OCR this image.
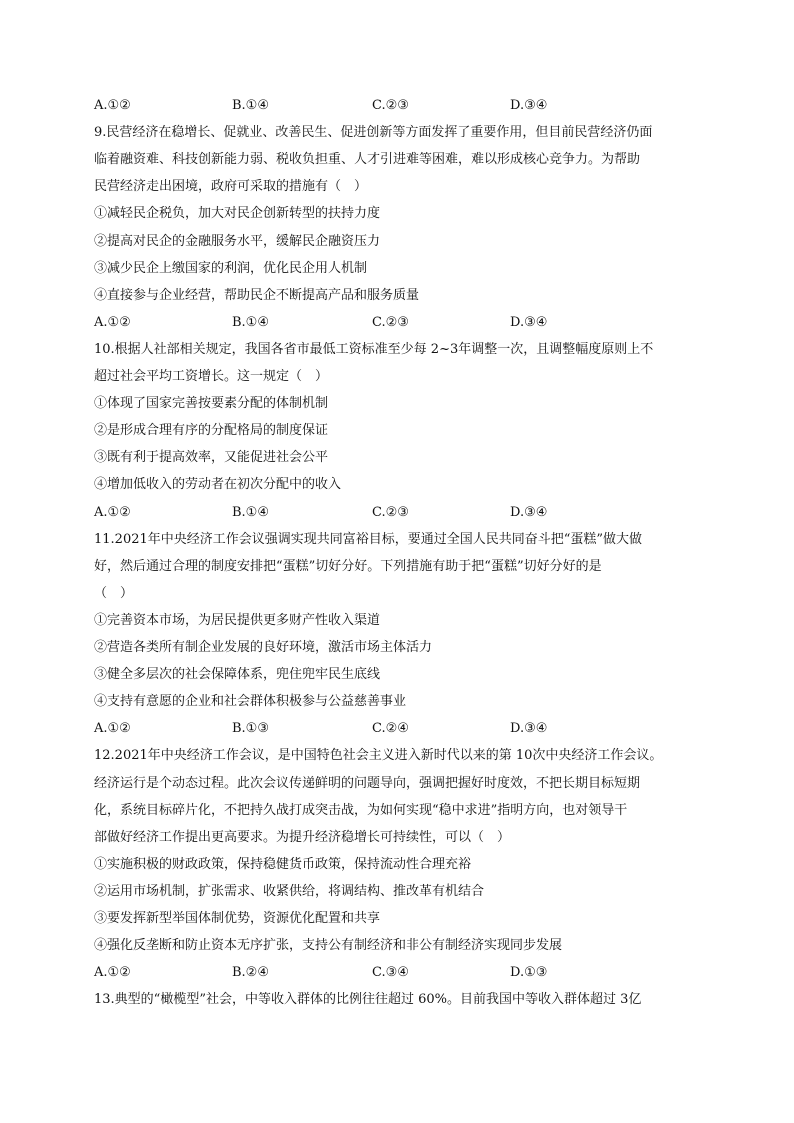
A.①②	B.①④	C.②③	D.③④
9.民营经济在稳增长、促就业、改善民生、促进创新等方面发挥了重要作用，但目前民营经济仍面
临着融资难、科技创新能力弱、税收负担重、人才引进难等困难，难以形成核心竞争力。为帮助
民营经济走出困境，政府可采取的措施有（　）
①减轻民企税负，加大对民企创新转型的扶持力度
②提高对民企的金融服务水平，缓解民企融资压力
③减少民企上缴国家的利润，优化民企用人机制
④直接参与企业经营，帮助民企不断提高产品和服务质量
A.①②	B.①④	C.②③	D.③④
10.根据人社部相关规定，我国各省市最低工资标准至少每 2~3年调整一次，且调整幅度原则上不
超过社会平均工资增长。这一规定（　）
①体现了国家完善按要素分配的体制机制
②是形成合理有序的分配格局的制度保证
③既有利于提高效率，又能促进社会公平
④增加低收入的劳动者在初次分配中的收入
A.①②	B.①④	C.②③	D.③④
11.2021年中央经济工作会议强调实现共同富裕目标，要通过全国人民共同奋斗把“蛋糕”做大做
好，然后通过合理的制度安排把“蛋糕”切好分好。下列措施有助于把“蛋糕”切好分好的是
（　）
①完善资本市场，为居民提供更多财产性收入渠道
②营造各类所有制企业发展的良好环境，激活市场主体活力
③健全多层次的社会保障体系，兜住兜牢民生底线
④支持有意愿的企业和社会群体积极参与公益慈善事业
A.①②	B.①③	C.②④	D.③④
12.2021年中央经济工作会议，是中国特色社会主义进入新时代以来的第 10次中央经济工作会议。
经济运行是个动态过程。此次会议传递鲜明的问题导向，强调把握好时度效，不把长期目标短期
化，系统目标碎片化，不把持久战打成突击战，为如何实现“稳中求进”指明方向，也对领导干
部做好经济工作提出更高要求。为提升经济稳增长可持续性，可以（　）
①实施积极的财政政策，保持稳健货币政策，保持流动性合理充裕
②运用市场机制，扩张需求、收紧供给，将调结构、推改革有机结合
③要发挥新型举国体制优势，资源优化配置和共享
④强化反垄断和防止资本无序扩张，支持公有制经济和非公有制经济实现同步发展
A.①②	B.②④	C.③④	D.①③
13.典型的“橄榄型”社会，中等收入群体的比例往往超过 60%。目前我国中等收入群体超过 3亿
